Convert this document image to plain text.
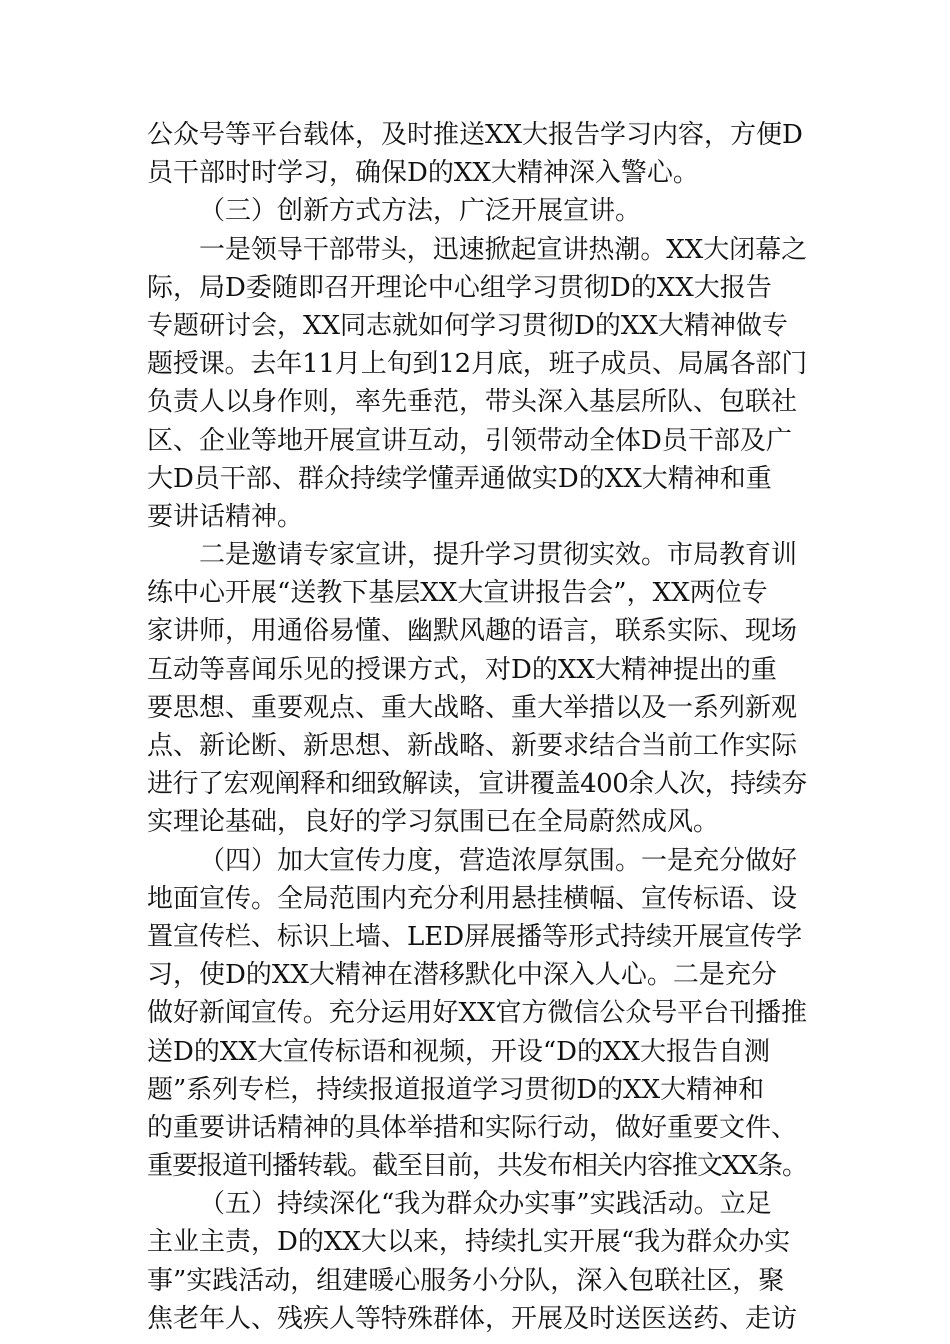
公众号等平台载体，及时推送XX大报告学习内容，方便D
员干部时时学习，确保D的XX大精神深入警心。
（三）创新方式方法，广泛开展宣讲。
一是领导干部带头，迅速掀起宣讲热潮。XX大闭幕之
际，局D委随即召开理论中心组学习贯彻D的XX大报告
专题研讨会，XX同志就如何学习贯彻D的XX大精神做专
题授课。去年11月上旬到12月底，班子成员、局属各部门
负责人以身作则，率先垂范，带头深入基层所队、包联社
区、企业等地开展宣讲互动，引领带动全体D员干部及广
大D员干部、群众持续学懂弄通做实D的XX大精神和重
要讲话精神。
二是邀请专家宣讲，提升学习贯彻实效。市局教育训
练中心开展“送教下基层XX大宣讲报告会”，XX两位专
家讲师，用通俗易懂、幽默风趣的语言，联系实际、现场
互动等喜闻乐见的授课方式，对D的XX大精神提出的重
要思想、重要观点、重大战略、重大举措以及一系列新观
点、新论断、新思想、新战略、新要求结合当前工作实际
进行了宏观阐释和细致解读，宣讲覆盖400余人次，持续夯
实理论基础，良好的学习氛围已在全局蔚然成风。
（四）加大宣传力度，营造浓厚氛围。一是充分做好
地面宣传。全局范围内充分利用悬挂横幅、宣传标语、设
置宣传栏、标识上墙、LED屏展播等形式持续开展宣传学
习，使D的XX大精神在潜移默化中深入人心。二是充分
做好新闻宣传。充分运用好XX官方微信公众号平台刊播推
送D的XX大宣传标语和视频，开设“D的XX大报告自测
题”系列专栏，持续报道报道学习贯彻D的XX大精神和
的重要讲话精神的具体举措和实际行动，做好重要文件、
重要报道刊播转载。截至目前，共发布相关内容推文XX条。
（五）持续深化“我为群众办实事”实践活动。立足
主业主责，D的XX大以来，持续扎实开展“我为群众办实
事”实践活动，组建暖心服务小分队，深入包联社区，聚
焦老年人、残疾人等特殊群体，开展及时送医送药、走访
